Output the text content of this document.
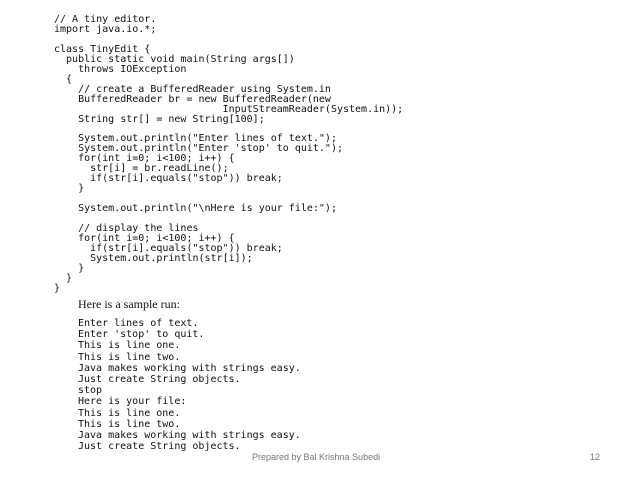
// A tiny editor.
import java.io.*;
class TinyEdit {
public static void main(String args[])
throws IOException
{
// create a BufferedReader using System.in
BufferedReader br = new BufferedReader(new
InputStreamReader(System.in));
String str[] = new String[100];
System.out.println("Enter lines of text.");
System.out.println("Enter 'stop' to quit.");
for(int i=0; i<100; i++) {
str[i] = br.readLine();
if(str[i].equals("stop")) break;
}
System.out.println("\nHere is your file:");
// display the lines
for(int i=0; i<100; i++) {
if(str[i].equals("stop")) break;
System.out.println(str[i]);
}
}
}
Here is a sample run:
Enter lines of text.
Enter 'stop' to quit.
This is line one.
This is line two.
Java makes working with strings easy.
Just create String objects.
stop
Here is your file:
This is line one.
This is line two.
Java makes working with strings easy.
Just create String objects.
Prepared by Bal Krishna Subedi	12
